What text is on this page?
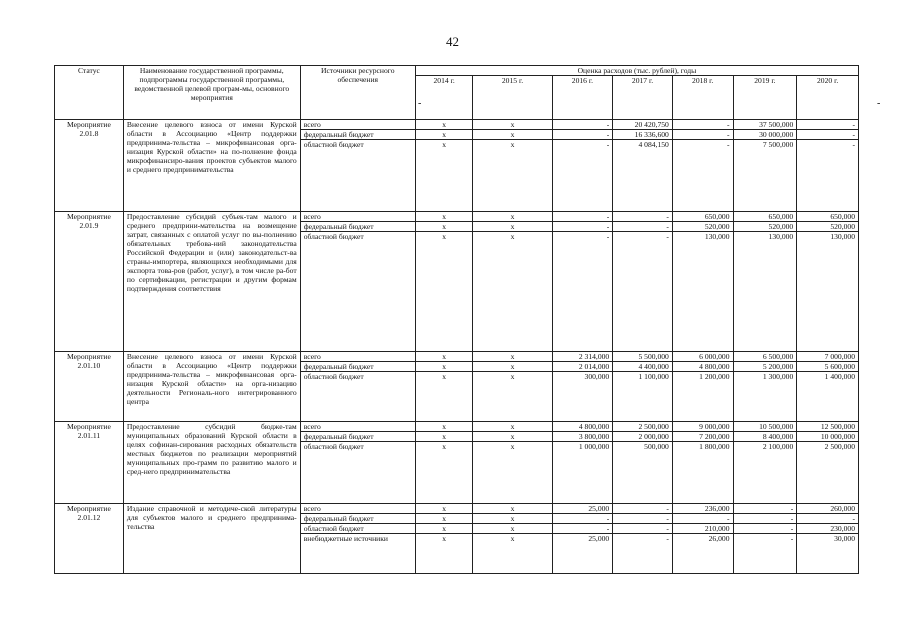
42
-	-
Статус	Наименование государственной программы, подпрограммы государственной программы, ведомственной целевой програм-мы, основного мероприятия	Источники ресурсного обеспечения	Оценка расходов (тыс. рублей), годы						
			2014 г.	2015 г.	2016 г.	2017 г.	2018 г.	2019 г.	2020 г.
Мероприятие 2.01.8	Внесение целевого взноса от имени Курской области в Ассоциацию «Центр поддержки предпринима-тельства – микрофинансовая орга-низация Курской области» на по-полнение фонда микрофинансиро-вания проектов субъектов малого и среднего предпринимательства	всего	x	x	-	20 420,750	-	37 500,000	-
		федеральный бюджет	x	x	-	16 336,600	-	30 000,000	-
		областной бюджет	x	x	-	4 084,150	-	7 500,000	-
Мероприятие 2.01.9	Предоставление субсидий субъек-там малого и среднего предприни-мательства на возмещение затрат, связанных с оплатой услуг по вы-полнению обязательных требова-ний законодательства Российской Федерации и (или) законодательст-ва страны-импортера, являющихся необходимыми для экспорта това-ров (работ, услуг), в том числе ра-бот по сертификации, регистрации и другим формам подтверждения соответствия	всего	x	x	-	-	650,000	650,000	650,000
		федеральный бюджет	x	x	-	-	520,000	520,000	520,000
		областной бюджет	x	x	-	-	130,000	130,000	130,000
Мероприятие 2.01.10	Внесение целевого взноса от имени Курской области в Ассоциацию «Центр поддержки предпринима-тельства – микрофинансовая орга-низация Курской области» на орга-низацию деятельности Региональ-ного интегрированного центра	всего	x	x	2 314,000	5 500,000	6 000,000	6 500,000	7 000,000
		федеральный бюджет	x	x	2 014,000	4 400,000	4 800,000	5 200,000	5 600,000
		областной бюджет	x	x	300,000	1 100,000	1 200,000	1 300,000	1 400,000
Мероприятие 2.01.11	Предоставление субсидий бюдже-там муниципальных образований Курской области в целях софинан-сирования расходных обязательств местных бюджетов по реализации мероприятий муниципальных про-грамм по развитию малого и сред-него предпринимательства	всего	x	x	4 800,000	2 500,000	9 000,000	10 500,000	12 500,000
		федеральный бюджет	x	x	3 800,000	2 000,000	7 200,000	8 400,000	10 000,000
		областной бюджет	x	x	1 000,000	500,000	1 800,000	2 100,000	2 500,000
Мероприятие 2.01.12	Издание справочной и методиче-ской литературы для субъектов малого и среднего предпринима-тельства	всего	x	x	25,000	-	236,000	-	260,000
		федеральный бюджет	x	x	-	-	-	-	-
		областной бюджет	x	x	-	-	210,000	-	230,000
		внебюджетные источники	x	x	25,000	-	26,000	-	30,000
